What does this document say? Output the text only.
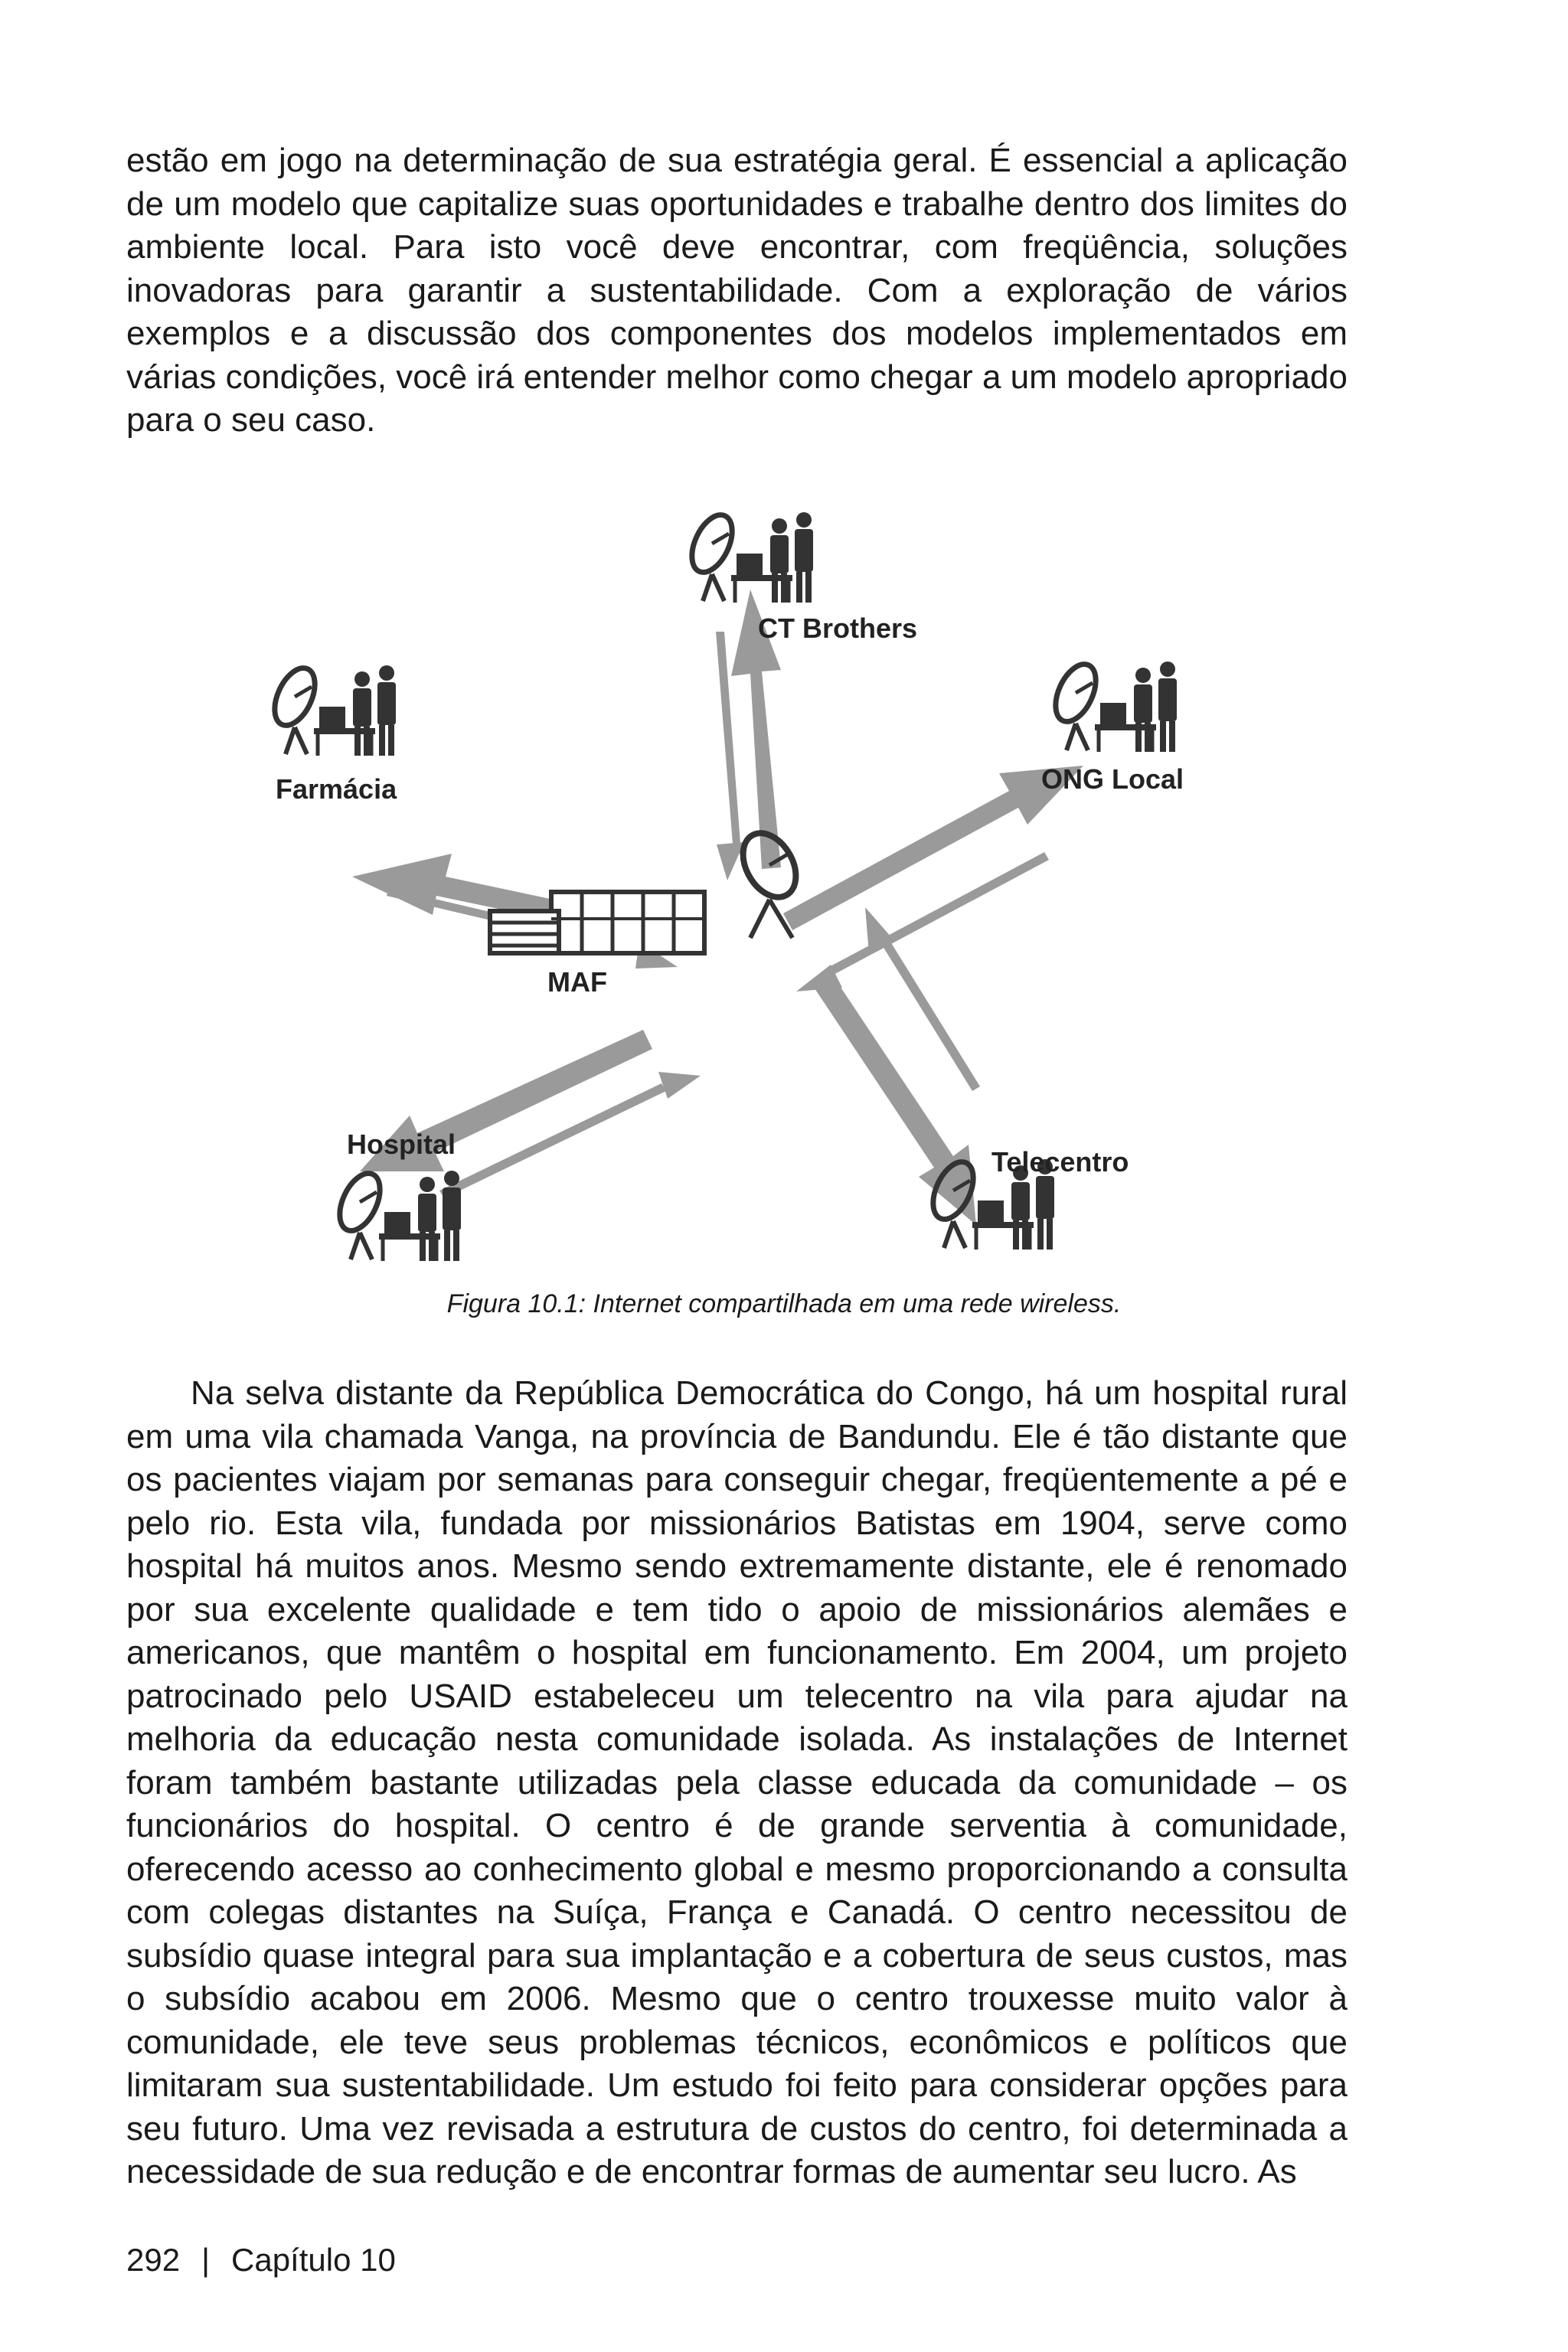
estão em jogo na determinação de sua estratégia geral. É essencial a aplicação de um modelo que capitalize suas oportunidades e trabalhe dentro dos limites do ambiente local. Para isto você deve encontrar, com freqüência, soluções inovadoras para garantir a sustentabilidade. Com a exploração de vários exemplos e a discussão dos componentes dos modelos implementados em várias condições, você irá entender melhor como chegar a um modelo apropriado para o seu caso.

CT Brothers
Farmácia	ONG Local
MAF
Hospital
Telecentro
Figura 10.1: Internet compartilhada em uma rede wireless.

Na selva distante da República Democrática do Congo, há um hospital rural em uma vila chamada Vanga, na província de Bandundu. Ele é tão distante que os pacientes viajam por semanas para conseguir chegar, freqüentemente a pé e pelo rio. Esta vila, fundada por missionários Batistas em 1904, serve como hospital há muitos anos. Mesmo sendo extremamente distante, ele é renomado por sua excelente qualidade e tem tido o apoio de missionários alemães e americanos, que mantêm o hospital em funcionamento. Em 2004, um projeto patrocinado pelo USAID estabeleceu um telecentro na vila para ajudar na melhoria da educação nesta comunidade isolada. As instalações de Internet foram também bastante utilizadas pela classe educada da comunidade – os funcionários do hospital. O centro é de grande serventia à comunidade, oferecendo acesso ao conhecimento global e mesmo proporcionando a consulta com colegas distantes na Suíça, França e Canadá. O centro necessitou de subsídio quase integral para sua implantação e a cobertura de seus custos, mas o subsídio acabou em 2006. Mesmo que o centro trouxesse muito valor à comunidade, ele teve seus problemas técnicos, econômicos e políticos que limitaram sua sustentabilidade. Um estudo foi feito para considerar opções para seu futuro. Uma vez revisada a estrutura de custos do centro, foi determinada a necessidade de sua redução e de encontrar formas de aumentar seu lucro. As

292 | Capítulo 10
